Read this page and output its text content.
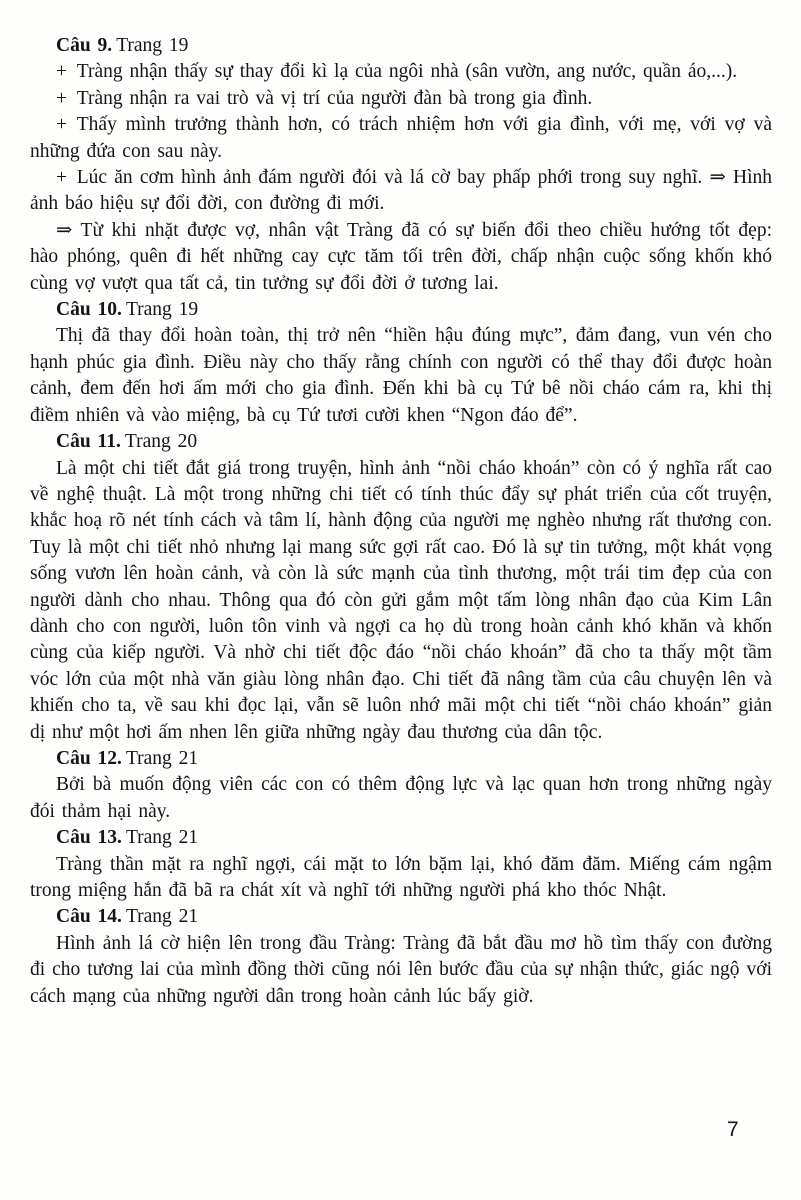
Câu 9. Trang 19

+ Tràng nhận thấy sự thay đổi kì lạ của ngôi nhà (sân vườn, ang nước, quần áo,...).

+ Tràng nhận ra vai trò và vị trí của người đàn bà trong gia đình.

+ Thấy mình trưởng thành hơn, có trách nhiệm hơn với gia đình, với mẹ, với vợ và những đứa con sau này.

+ Lúc ăn cơm hình ảnh đám người đói và lá cờ bay phấp phới trong suy nghĩ. ⇒ Hình ảnh báo hiệu sự đổi đời, con đường đi mới.

⇒ Từ khi nhặt được vợ, nhân vật Tràng đã có sự biến đổi theo chiều hướng tốt đẹp: hào phóng, quên đi hết những cay cực tăm tối trên đời, chấp nhận cuộc sống khốn khó cùng vợ vượt qua tất cả, tin tưởng sự đổi đời ở tương lai.

Câu 10. Trang 19

Thị đã thay đổi hoàn toàn, thị trở nên “hiền hậu đúng mực”, đảm đang, vun vén cho hạnh phúc gia đình. Điều này cho thấy rằng chính con người có thể thay đổi được hoàn cảnh, đem đến hơi ấm mới cho gia đình. Đến khi bà cụ Tứ bê nồi cháo cám ra, khi thị điềm nhiên và vào miệng, bà cụ Tứ tươi cười khen “Ngon đáo để”.

Câu 11. Trang 20

Là một chi tiết đắt giá trong truyện, hình ảnh “nồi cháo khoán” còn có ý nghĩa rất cao về nghệ thuật. Là một trong những chi tiết có tính thúc đẩy sự phát triển của cốt truyện, khắc hoạ rõ nét tính cách và tâm lí, hành động của người mẹ nghèo nhưng rất thương con. Tuy là một chi tiết nhỏ nhưng lại mang sức gợi rất cao. Đó là sự tin tưởng, một khát vọng sống vươn lên hoàn cảnh, và còn là sức mạnh của tình thương, một trái tim đẹp của con người dành cho nhau. Thông qua đó còn gửi gắm một tấm lòng nhân đạo của Kim Lân dành cho con người, luôn tôn vinh và ngợi ca họ dù trong hoàn cảnh khó khăn và khốn cùng của kiếp người. Và nhờ chi tiết độc đáo “nồi cháo khoán” đã cho ta thấy một tầm vóc lớn của một nhà văn giàu lòng nhân đạo. Chi tiết đã nâng tầm của câu chuyện lên và khiến cho ta, về sau khi đọc lại, vẫn sẽ luôn nhớ mãi một chi tiết “nồi cháo khoán” giản dị như một hơi ấm nhen lên giữa những ngày đau thương của dân tộc.

Câu 12. Trang 21

Bởi bà muốn động viên các con có thêm động lực và lạc quan hơn trong những ngày đói thảm hại này.

Câu 13. Trang 21

Tràng thần mặt ra nghĩ ngợi, cái mặt to lớn bặm lại, khó đăm đăm. Miếng cám ngậm trong miệng hắn đã bã ra chát xít và nghĩ tới những người phá kho thóc Nhật.

Câu 14. Trang 21

Hình ảnh lá cờ hiện lên trong đầu Tràng: Tràng đã bắt đầu mơ hồ tìm thấy con đường đi cho tương lai của mình đồng thời cũng nói lên bước đầu của sự nhận thức, giác ngộ với cách mạng của những người dân trong hoàn cảnh lúc bấy giờ.

7
